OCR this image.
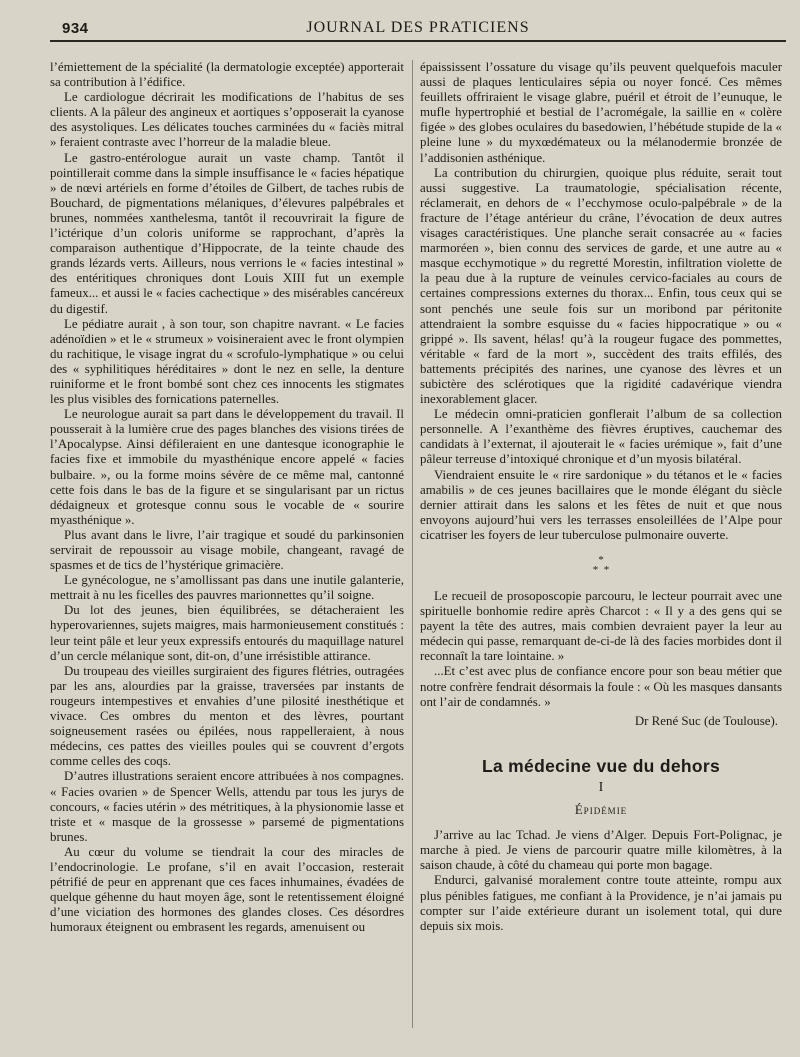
934	JOURNAL DES PRATICIENS

l’émiettement de la spécialité (la dermatologie exceptée) apporterait sa contribution à l’édifice.

Le cardiologue décrirait les modifications de l’habitus de ses clients. A la pâleur des angineux et aortiques s’opposerait la cyanose des asystoliques. Les délicates touches carminées du « faciès mitral » feraient contraste avec l’horreur de la maladie bleue.

Le gastro-entérologue aurait un vaste champ. Tantôt il pointillerait comme dans la simple insuffisance le « facies hépatique » de nœvi artériels en forme d’étoiles de Gilbert, de taches rubis de Bouchard, de pigmentations mélaniques, d’élevures palpébrales et brunes, nommées xanthelesma, tantôt il recouvrirait la figure de l’ictérique d’un coloris uniforme se rapprochant, d’après la comparaison authentique d’Hippocrate, de la teinte chaude des grands lézards verts. Ailleurs, nous verrions le « facies intestinal » des entéritiques chroniques dont Louis XIII fut un exemple fameux... et aussi le « facies cachectique » des misérables cancéreux du digestif.

Le pédiatre aurait , à son tour, son chapitre navrant. « Le facies adénoïdien » et le « strumeux » voisineraient avec le front olympien du rachitique, le visage ingrat du « scrofulo-lymphatique » ou celui des « syphilitiques héréditaires » dont le nez en selle, la denture ruiniforme et le front bombé sont chez ces innocents les stigmates les plus visibles des fornications paternelles.

Le neurologue aurait sa part dans le développement du travail. Il pousserait à la lumière crue des pages blanches des visions tirées de l’Apocalypse. Ainsi défileraient en une dantesque iconographie le facies fixe et immobile du myasthénique encore appelé « facies bulbaire. », ou la forme moins sévère de ce même mal, cantonné cette fois dans le bas de la figure et se singularisant par un rictus dédaigneux et grotesque connu sous le vocable de « sourire myasthénique ».

Plus avant dans le livre, l’air tragique et soudé du parkinsonien servirait de repoussoir au visage mobile, changeant, ravagé de spasmes et de tics de l’hystérique grimacière.

Le gynécologue, ne s’amollissant pas dans une inutile galanterie, mettrait à nu les ficelles des pauvres marionnettes qu’il soigne.

Du lot des jeunes, bien équilibrées, se détacheraient les hyperovariennes, sujets maigres, mais harmonieusement constitués : leur teint pâle et leur yeux expressifs entourés du maquillage naturel d’un cercle mélanique sont, dit-on, d’une irrésistible attirance.

Du troupeau des vieilles surgiraient des figures flétries, outragées par les ans, alourdies par la graisse, traversées par instants de rougeurs intempestives et envahies d’une pilosité inesthétique et vivace. Ces ombres du menton et des lèvres, pourtant soigneusement rasées ou épilées, nous rappelleraient, à nous médecins, ces pattes des vieilles poules qui se couvrent d’ergots comme celles des coqs.

D’autres illustrations seraient encore attribuées à nos compagnes. « Facies ovarien » de Spencer Wells, attendu par tous les jurys de concours, « facies utérin » des métritiques, à la physionomie lasse et triste et « masque de la grossesse » parsemé de pigmentations brunes.

Au cœur du volume se tiendrait la cour des miracles de l’endocrinologie. Le profane, s’il en avait l’occasion, resterait pétrifié de peur en apprenant que ces faces inhumaines, évadées de quelque géhenne du haut moyen âge, sont le retentissement éloigné d’une viciation des hormones des glandes closes. Ces désordres humoraux éteignent ou embrasent les regards, amenuisent ou

épaississent l’ossature du visage qu’ils peuvent quelquefois maculer aussi de plaques lenticulaires sépia ou noyer foncé. Ces mêmes feuillets offriraient le visage glabre, puéril et étroit de l’eunuque, le mufle hypertrophié et bestial de l’acromégale, la saillie en « colère figée » des globes oculaires du basedowien, l’hébétude stupide de la « pleine lune » du myxœdémateux ou la mélanodermie bronzée de l’addisonien asthénique.

La contribution du chirurgien, quoique plus réduite, serait tout aussi suggestive. La traumatologie, spécialisation récente, réclamerait, en dehors de « l’ecchymose oculo-palpébrale » de la fracture de l’étage antérieur du crâne, l’évocation de deux autres visages caractéristiques. Une planche serait consacrée au « facies marmoréen », bien connu des services de garde, et une autre au « masque ecchymotique » du regretté Morestin, infiltration violette de la peau due à la rupture de veinules cervico-faciales au cours de certaines compressions externes du thorax... Enfin, tous ceux qui se sont penchés une seule fois sur un moribond par péritonite attendraient la sombre esquisse du « facies hippocratique » ou « grippé ». Ils savent, hélas! qu’à la rougeur fugace des pommettes, véritable « fard de la mort », succèdent des traits effilés, des battements précipités des narines, une cyanose des lèvres et un subictère des sclérotiques que la rigidité cadavérique viendra inexorablement glacer.

Le médecin omni-praticien gonflerait l’album de sa collection personnelle. A l’exanthème des fièvres éruptives, cauchemar des candidats à l’externat, il ajouterait le « facies urémique », fait d’une pâleur terreuse d’intoxiqué chronique et d’un myosis bilatéral.

Viendraient ensuite le « rire sardonique » du tétanos et le « facies amabilis » de ces jeunes bacillaires que le monde élégant du siècle dernier attirait dans les salons et les fêtes de nuit et que nous envoyons aujourd’hui vers les terrasses ensoleillées de l’Alpe pour cicatriser les foyers de leur tuberculose pulmonaire ouverte.

*
* *

Le recueil de prosoposcopie parcouru, le lecteur pourrait avec une spirituelle bonhomie redire après Charcot : « Il y a des gens qui se payent la tête des autres, mais combien devraient payer la leur au médecin qui passe, remarquant de-ci-de là des facies morbides dont il reconnaît la tare lointaine. »

...Et c’est avec plus de confiance encore pour son beau métier que notre confrère fendrait désormais la foule : « Où les masques dansants ont l’air de condamnés. »

Dr René Suc (de Toulouse).
La médecine vue du dehors
I
Épidémie

J’arrive au lac Tchad. Je viens d’Alger. Depuis Fort-Polignac, je marche à pied. Je viens de parcourir quatre mille kilomètres, à la saison chaude, à côté du chameau qui porte mon bagage.

Endurci, galvanisé moralement contre toute atteinte, rompu aux plus pénibles fatigues, me confiant à la Providence, je n’ai jamais pu compter sur l’aide extérieure durant un isolement total, qui dure depuis six mois.
